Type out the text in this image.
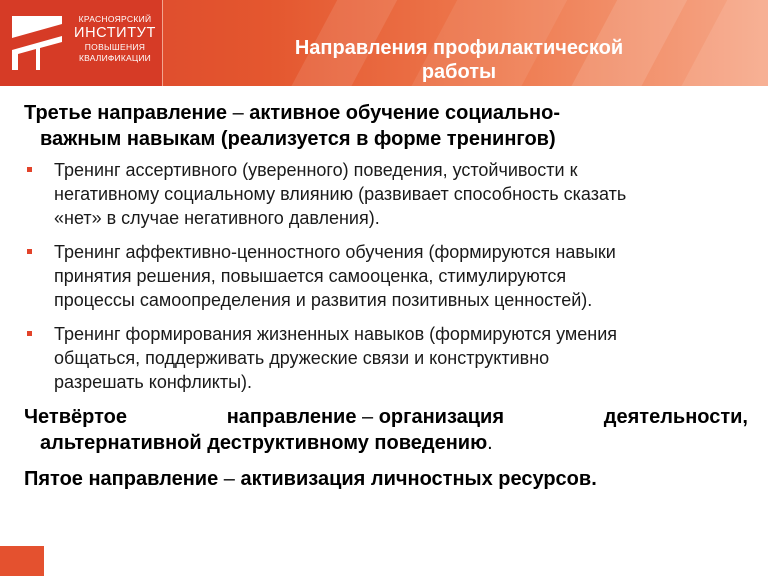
КРАСНОЯРСКИЙ
ИНСТИТУТ
ПОВЫШЕНИЯ
КВАЛИФИКАЦИИ	Направления профилактической
работы

Третье направление – активное обучение социально-
важным навыкам (реализуется в форме тренингов)

Тренинг ассертивного (уверенного) поведения, устойчивости к
негативному социальному влиянию (развивает способность сказать
«нет» в случае негативного давления).
Тренинг аффективно-ценностного обучения (формируются навыки
принятия решения, повышается самооценка, стимулируются
процессы самоопределения и развития позитивных ценностей).
Тренинг формирования жизненных навыков (формируются умения
общаться, поддерживать дружеские связи и конструктивно
разрешать конфликты).

Четвёртое	направление – организация	деятельности,
альтернативной деструктивному поведению.

Пятое направление – активизация личностных ресурсов.
